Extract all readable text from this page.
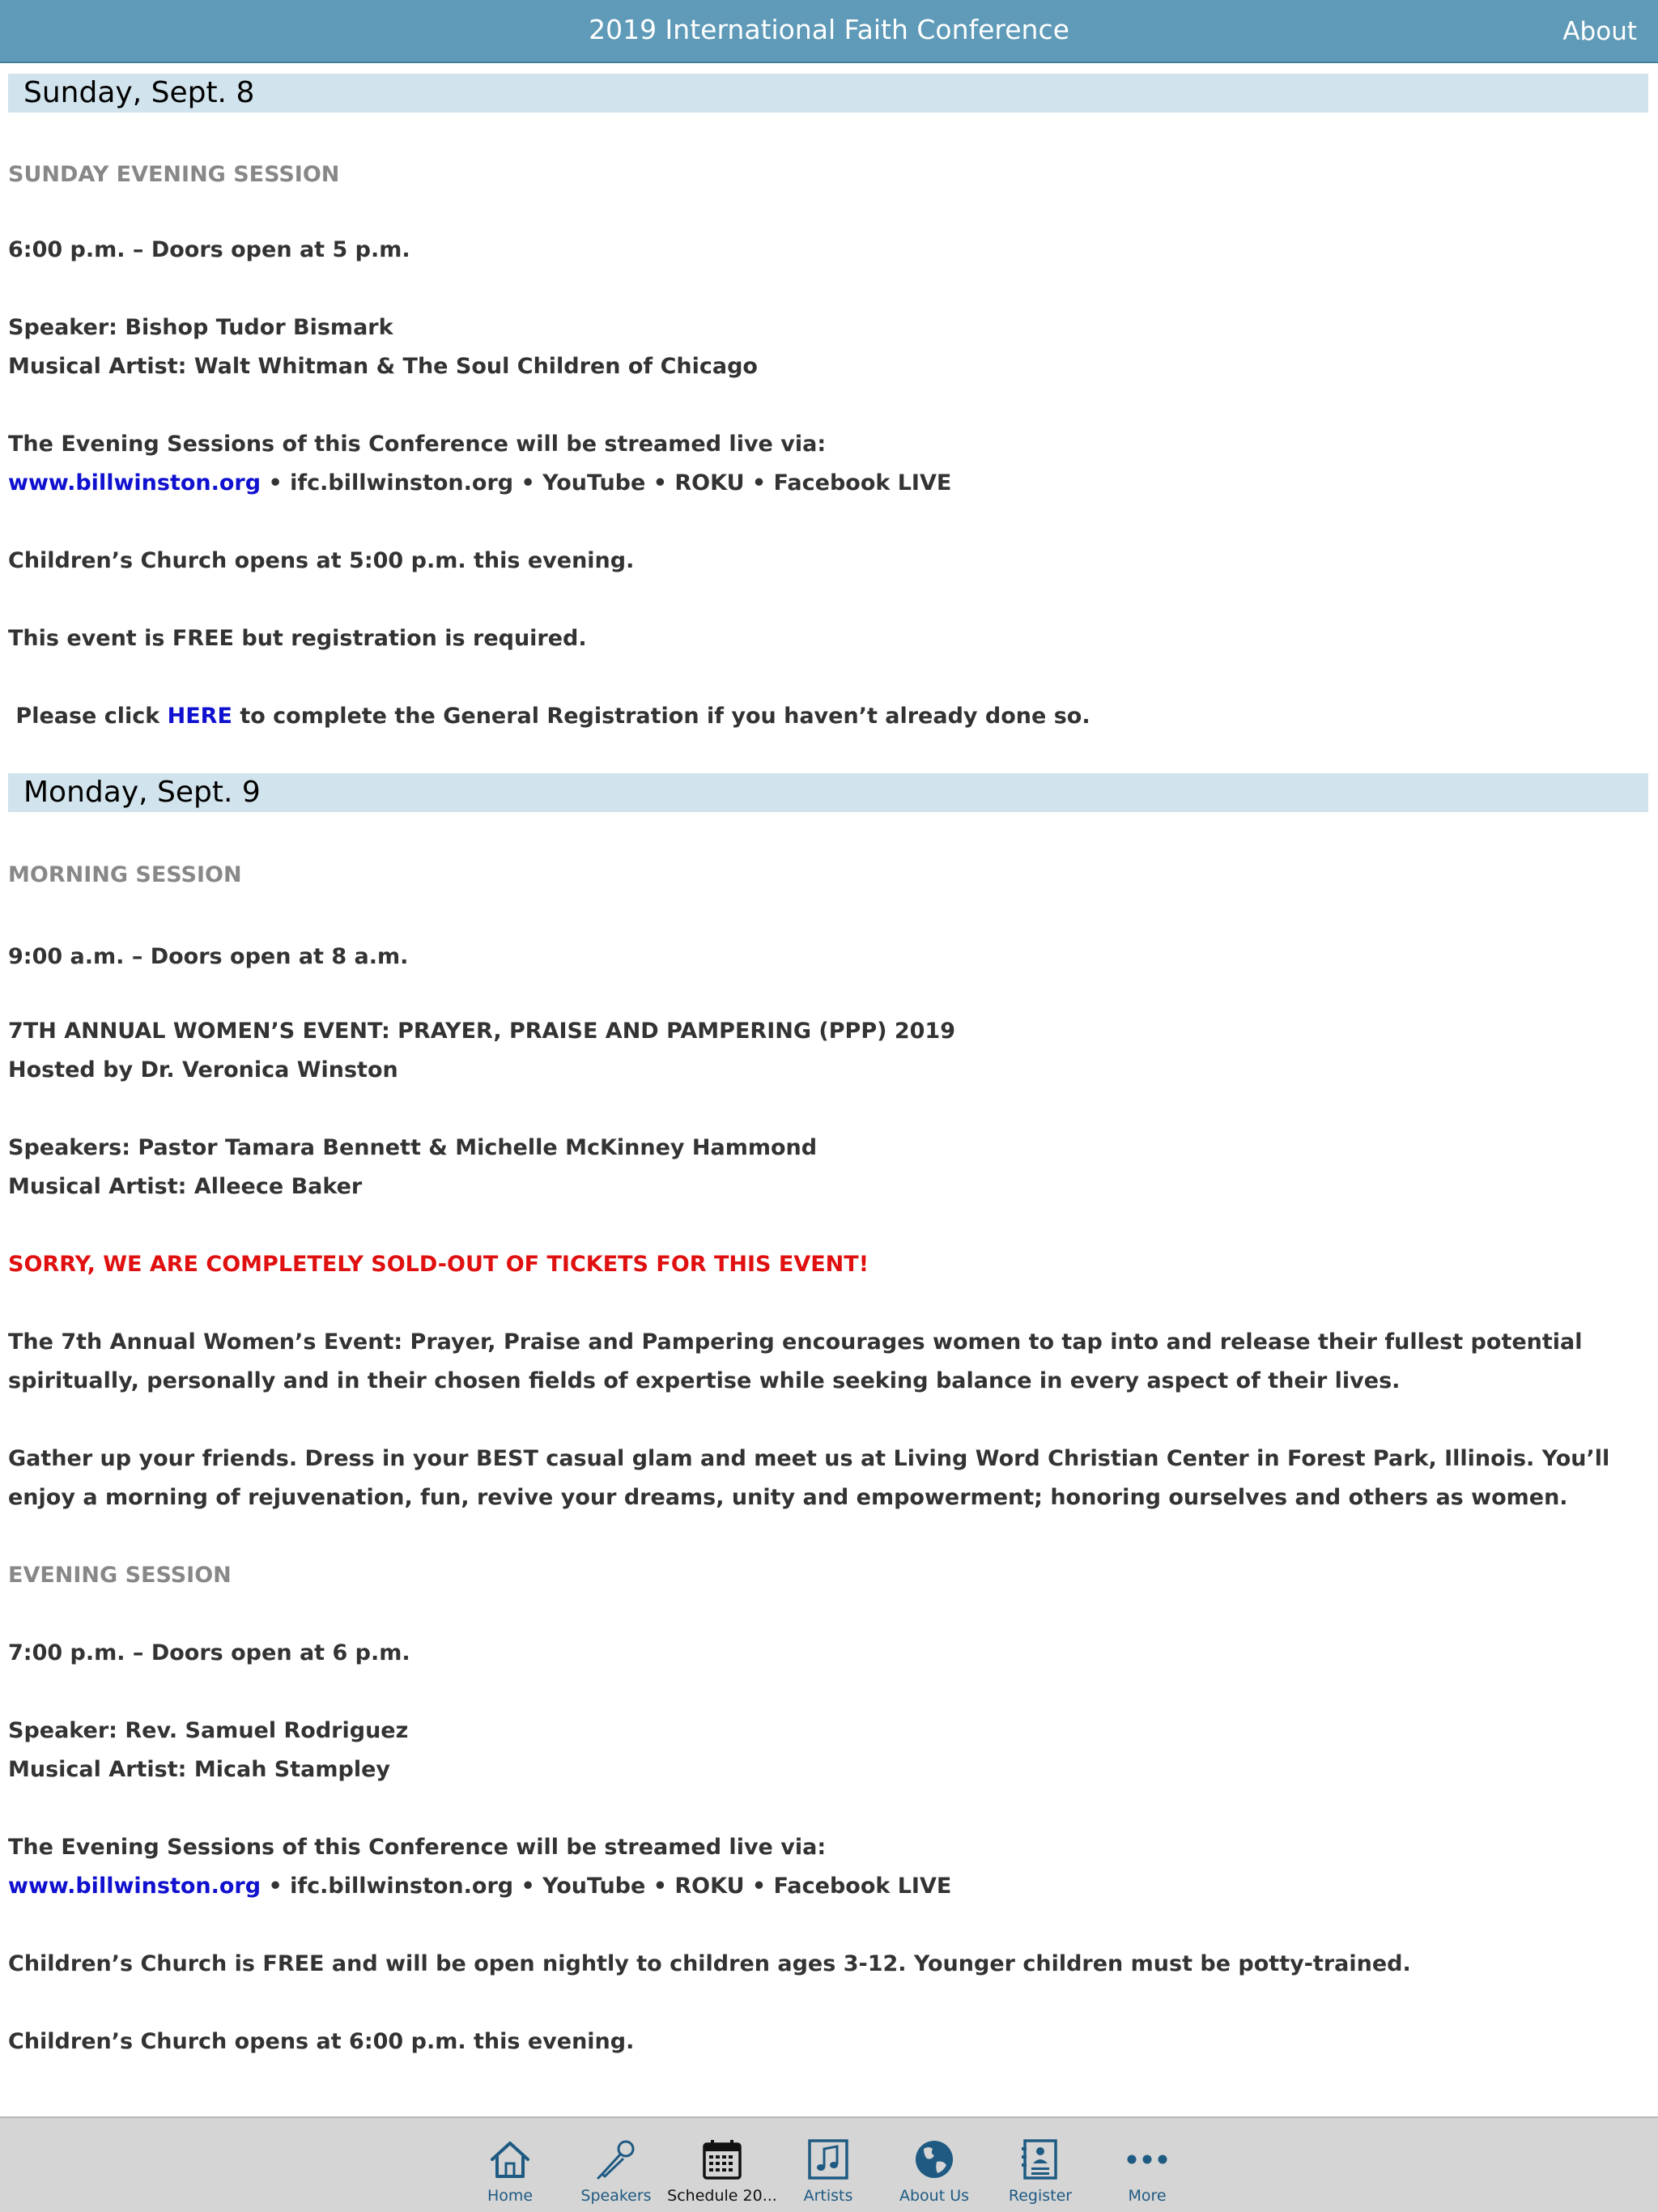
2019 International Faith Conference	About
Sunday, Sept. 8
SUNDAY EVENING SESSION
6:00 p.m. – Doors open at 5 p.m.
Speaker: Bishop Tudor Bismark
Musical Artist: Walt Whitman & The Soul Children of Chicago
The Evening Sessions of this Conference will be streamed live via:
www.billwinston.org • ifc.billwinston.org • YouTube • ROKU • Facebook LIVE
Children’s Church opens at 5:00 p.m. this evening.
This event is FREE but registration is required.
Please click HERE to complete the General Registration if you haven’t already done so.
Monday, Sept. 9
MORNING SESSION
9:00 a.m. – Doors open at 8 a.m.
7TH ANNUAL WOMEN’S EVENT: PRAYER, PRAISE AND PAMPERING (PPP) 2019
Hosted by Dr. Veronica Winston
Speakers: Pastor Tamara Bennett & Michelle McKinney Hammond
Musical Artist: Alleece Baker
SORRY, WE ARE COMPLETELY SOLD-OUT OF TICKETS FOR THIS EVENT!
The 7th Annual Women’s Event: Prayer, Praise and Pampering encourages women to tap into and release their fullest potential spiritually, personally and in their chosen fields of expertise while seeking balance in every aspect of their lives.
Gather up your friends. Dress in your BEST casual glam and meet us at Living Word Christian Center in Forest Park, Illinois. You’ll enjoy a morning of rejuvenation, fun, revive your dreams, unity and empowerment; honoring ourselves and others as women.
EVENING SESSION
7:00 p.m. – Doors open at 6 p.m.
Speaker: Rev. Samuel Rodriguez
Musical Artist: Micah Stampley
The Evening Sessions of this Conference will be streamed live via:
www.billwinston.org • ifc.billwinston.org • YouTube • ROKU • Facebook LIVE
Children’s Church is FREE and will be open nightly to children ages 3-12. Younger children must be potty-trained.
Children’s Church opens at 6:00 p.m. this evening.
Home	Speakers	Schedule 20...	Artists	About Us	Register	More
